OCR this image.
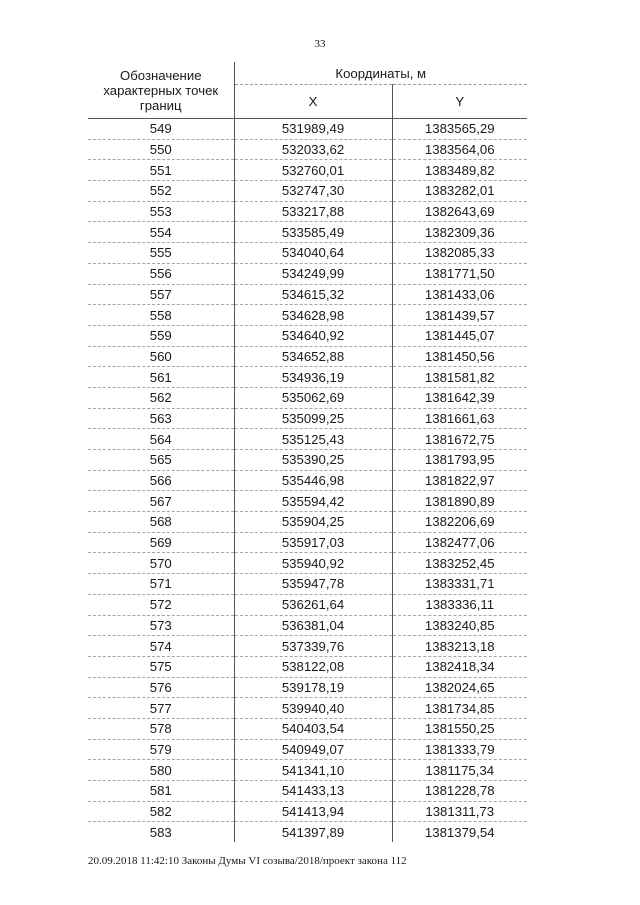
33
Обозначение характерных точек границ	Координаты, м	
	X	Y
549	531989,49	1383565,29
550	532033,62	1383564,06
551	532760,01	1383489,82
552	532747,30	1383282,01
553	533217,88	1382643,69
554	533585,49	1382309,36
555	534040,64	1382085,33
556	534249,99	1381771,50
557	534615,32	1381433,06
558	534628,98	1381439,57
559	534640,92	1381445,07
560	534652,88	1381450,56
561	534936,19	1381581,82
562	535062,69	1381642,39
563	535099,25	1381661,63
564	535125,43	1381672,75
565	535390,25	1381793,95
566	535446,98	1381822,97
567	535594,42	1381890,89
568	535904,25	1382206,69
569	535917,03	1382477,06
570	535940,92	1383252,45
571	535947,78	1383331,71
572	536261,64	1383336,11
573	536381,04	1383240,85
574	537339,76	1383213,18
575	538122,08	1382418,34
576	539178,19	1382024,65
577	539940,40	1381734,85
578	540403,54	1381550,25
579	540949,07	1381333,79
580	541341,10	1381175,34
581	541433,13	1381228,78
582	541413,94	1381311,73
583	541397,89	1381379,54
20.09.2018 11:42:10 Законы Думы VI созыва/2018/проект закона 112
